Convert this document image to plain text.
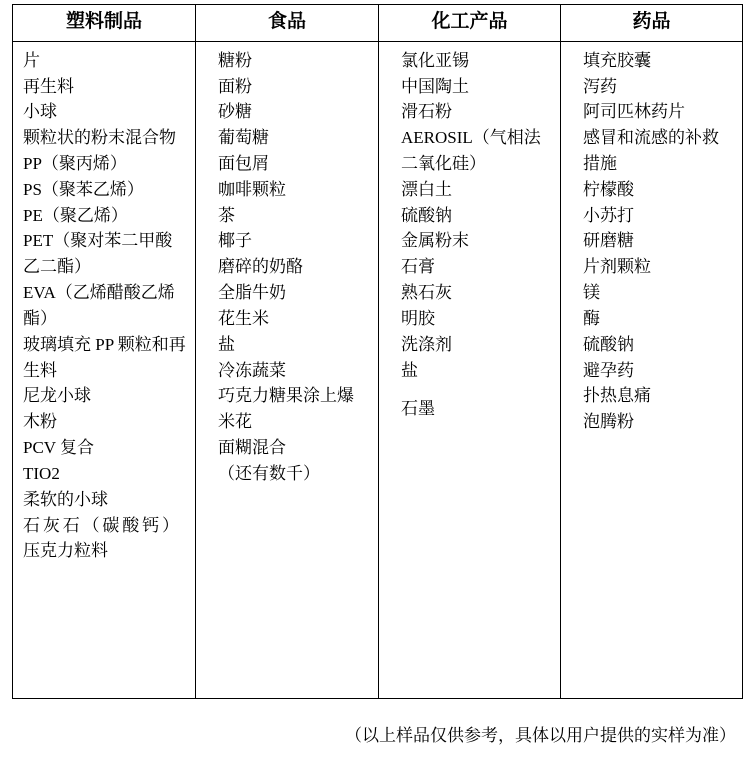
塑料制品	食品	化工产品	药品

片
再生料
小球
颗粒状的粉末混合物
PP（聚丙烯）
PS（聚苯乙烯）
PE（聚乙烯）
PET（聚对苯二甲酸乙二酯）
EVA（乙烯醋酸乙烯酯）
玻璃填充 PP 颗粒和再生料
尼龙小球
木粉
PCV 复合
TIO2
柔软的小球
石灰石（碳酸钙）
压克力粒料

糖粉
面粉
砂糖
葡萄糖
面包屑
咖啡颗粒
茶
椰子
磨碎的奶酪
全脂牛奶
花生米
盐
冷冻蔬菜
巧克力糖果涂上爆米花
面糊混合
（还有数千）

氯化亚锡
中国陶土
滑石粉
AEROSIL（气相法二氧化硅）
漂白土
硫酸钠
金属粉末
石膏
熟石灰
明胶
洗涤剂
盐
石墨

填充胶囊
泻药
阿司匹林药片
感冒和流感的补救措施
柠檬酸
小苏打
研磨糖
片剂颗粒
镁
酶
硫酸钠
避孕药
扑热息痛
泡腾粉
（以上样品仅供参考，具体以用户提供的实样为准）
